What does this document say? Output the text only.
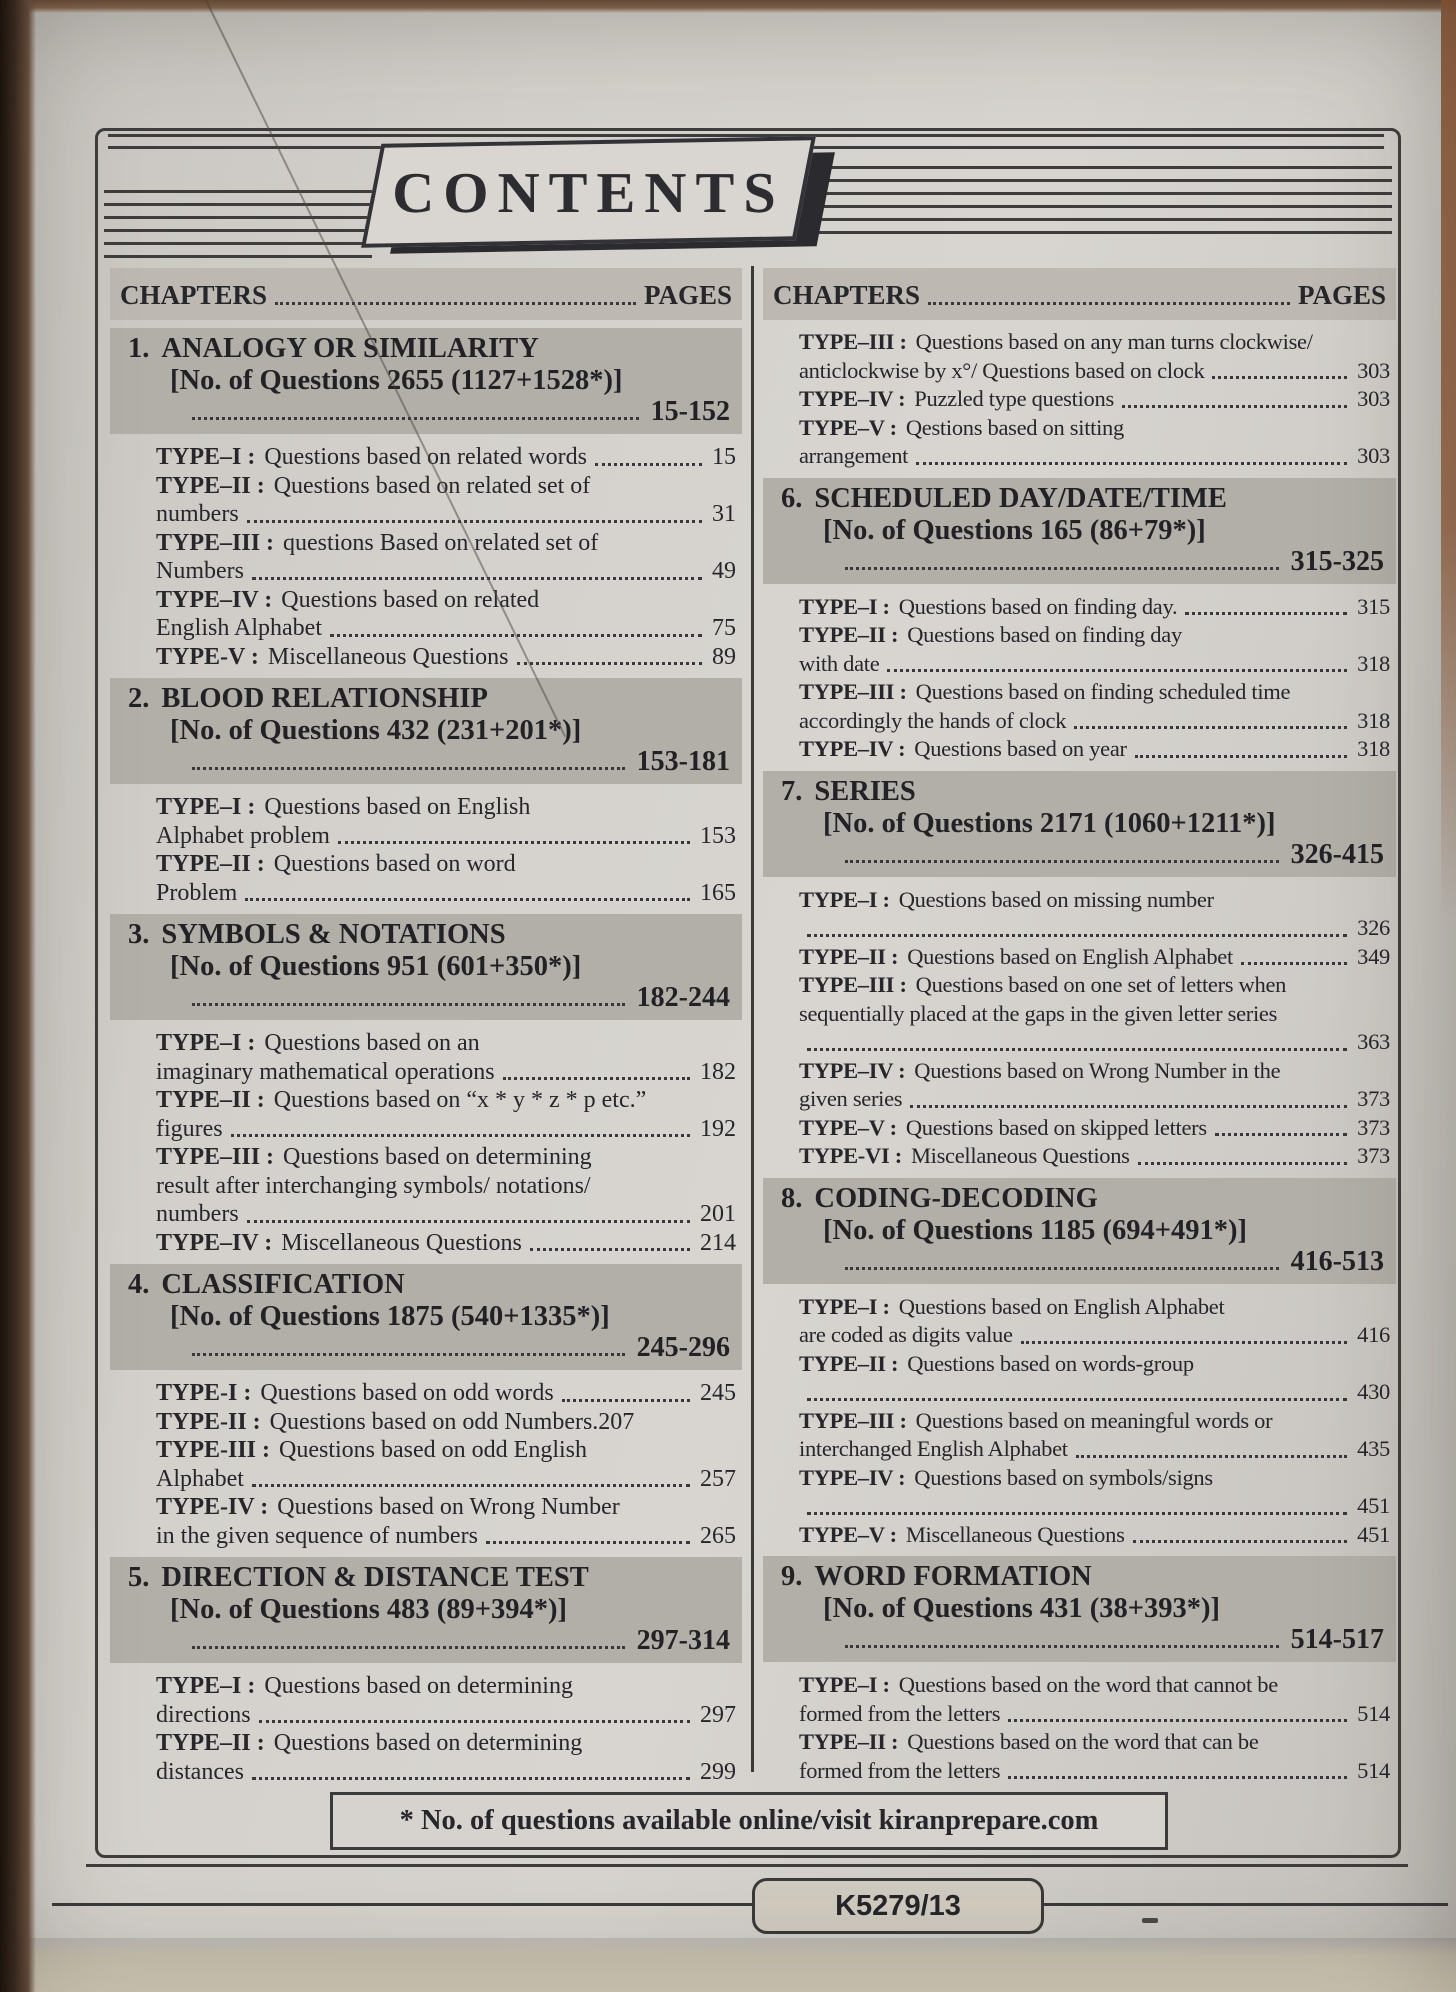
CONTENTS
CHAPTERS	PAGES
1. ANALOGY OR SIMILARITY
[No. of Questions 2655 (1127+1528*)]
15-152
TYPE–I : Questions based on related words	15
TYPE–II : Questions based on related set of
numbers	31
TYPE–III : questions Based on related set of
Numbers	49
TYPE–IV : Questions based on related
English Alphabet	75
TYPE-V : Miscellaneous Questions	89
2. BLOOD RELATIONSHIP
[No. of Questions 432 (231+201*)]
153-181
TYPE–I : Questions based on English
Alphabet problem	153
TYPE–II : Questions based on word
Problem	165
3. SYMBOLS & NOTATIONS
[No. of Questions 951 (601+350*)]
182-244
TYPE–I : Questions based on an
imaginary mathematical operations	182
TYPE–II : Questions based on “x * y * z * p etc.”
figures	192
TYPE–III : Questions based on determining
result after interchanging symbols/ notations/
numbers	201
TYPE–IV : Miscellaneous Questions	214
4. CLASSIFICATION
[No. of Questions 1875 (540+1335*)]
245-296
TYPE-I : Questions based on odd words	245
TYPE-II : Questions based on odd Numbers.207
TYPE-III : Questions based on odd English
Alphabet	257
TYPE-IV : Questions based on Wrong Number
in the given sequence of numbers	265
5. DIRECTION & DISTANCE TEST
[No. of Questions 483 (89+394*)]
297-314
TYPE–I : Questions based on determining
directions	297
TYPE–II : Questions based on determining
distances	299
CHAPTERS	PAGES
TYPE–III : Questions based on any man turns clockwise/
anticlockwise by x°/ Questions based on clock	303
TYPE–IV : Puzzled type questions	303
TYPE–V : Qestions based on sitting
arrangement	303
6. SCHEDULED DAY/DATE/TIME
[No. of Questions 165 (86+79*)]
315-325
TYPE–I : Questions based on finding day.	315
TYPE–II : Questions based on finding day
with date	318
TYPE–III : Questions based on finding scheduled time
accordingly the hands of clock	318
TYPE–IV : Questions based on year	318
7. SERIES
[No. of Questions 2171 (1060+1211*)]
326-415
TYPE–I : Questions based on missing number
326
TYPE–II : Questions based on English Alphabet	349
TYPE–III : Questions based on one set of letters when
sequentially placed at the gaps in the given letter series
363
TYPE–IV : Questions based on Wrong Number in the
given series	373
TYPE–V : Questions based on skipped letters	373
TYPE-VI : Miscellaneous Questions	373
8. CODING-DECODING
[No. of Questions 1185 (694+491*)]
416-513
TYPE–I : Questions based on English Alphabet
are coded as digits value	416
TYPE–II : Questions based on words-group
430
TYPE–III : Questions based on meaningful words or
interchanged English Alphabet	435
TYPE–IV : Questions based on symbols/signs
451
TYPE–V : Miscellaneous Questions	451
9. WORD FORMATION
[No. of Questions 431 (38+393*)]
514-517
TYPE–I : Questions based on the word that cannot be
formed from the letters	514
TYPE–II : Questions based on the word that can be
formed from the letters	514
* No. of questions available online/visit kiranprepare.com
K5279/13
